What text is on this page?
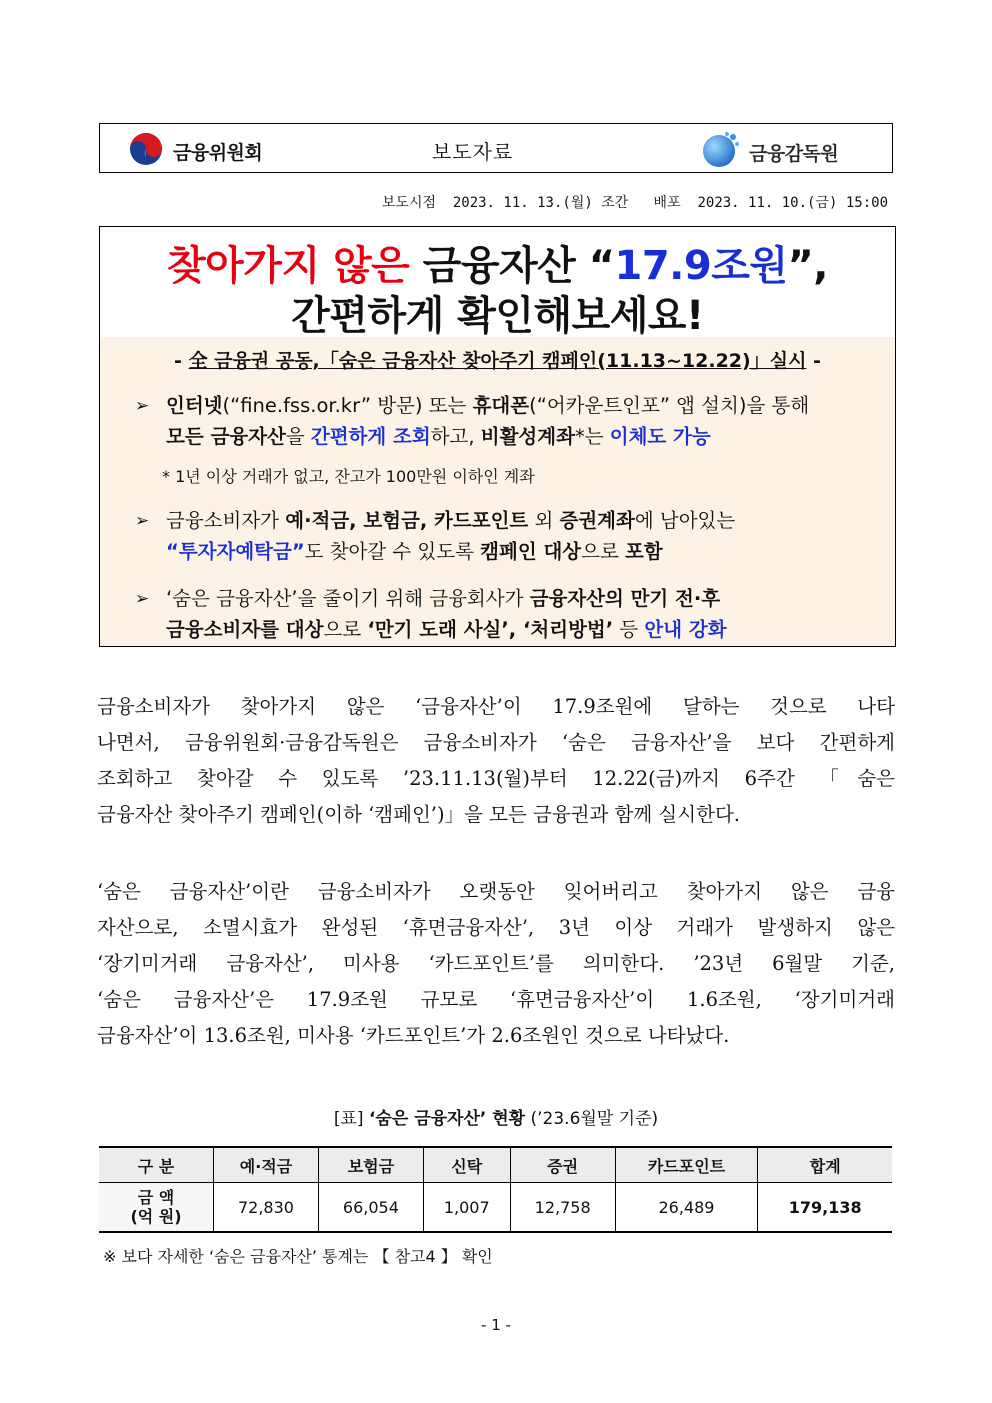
금융위원회	보도자료	금융감독원
보도시점  2023. 11. 13.(월) 조간   배포  2023. 11. 10.(금) 15:00
찾아가지 않은 금융자산 “17.9조원”,
간편하게 확인해보세요!
- 全 금융권 공동,「숨은 금융자산 찾아주기 캠페인(11.13~12.22)」실시 -
➢ 인터넷(“fine.fss.or.kr” 방문) 또는 휴대폰(“어카운트인포” 앱 설치)을 통해
모든 금융자산을 간편하게 조회하고, 비활성계좌*는 이체도 가능
* 1년 이상 거래가 없고, 잔고가 100만원 이하인 계좌
➢ 금융소비자가 예·적금, 보험금, 카드포인트 외 증권계좌에 남아있는
“투자자예탁금”도 찾아갈 수 있도록 캠페인 대상으로 포함
➢ ‘숨은 금융자산’을 줄이기 위해 금융회사가 금융자산의 만기 전·후
금융소비자를 대상으로 ‘만기 도래 사실’, ‘처리방법’ 등 안내 강화
금융소비자가 찾아가지 않은 ‘금융자산’이 17.9조원에 달하는 것으로 나타
나면서, 금융위원회·금융감독원은 금융소비자가 ‘숨은 금융자산’을 보다 간편하게
조회하고 찾아갈 수 있도록 ’23.11.13(월)부터 12.22(금)까지 6주간 「숨은
금융자산 찾아주기 캠페인(이하 ‘캠페인’)」을 모든 금융권과 함께 실시한다.
‘숨은 금융자산’이란 금융소비자가 오랫동안 잊어버리고 찾아가지 않은 금융
자산으로, 소멸시효가 완성된 ‘휴면금융자산’, 3년 이상 거래가 발생하지 않은
‘장기미거래 금융자산’, 미사용 ‘카드포인트’를 의미한다. ’23년 6월말 기준,
‘숨은 금융자산’은 17.9조원 규모로 ‘휴면금융자산’이 1.6조원, ‘장기미거래
금융자산’이 13.6조원, 미사용 ‘카드포인트’가 2.6조원인 것으로 나타났다.
[표] ‘숨은 금융자산’ 현황 (’23.6월말 기준)
구 분	예·적금	보험금	신탁	증권	카드포인트	합계
금 액
(억 원)	72,830	66,054	1,007	12,758	26,489	179,138
※ 보다 자세한 ‘숨은 금융자산’ 통계는 【 참고4 】 확인
- 1 -
